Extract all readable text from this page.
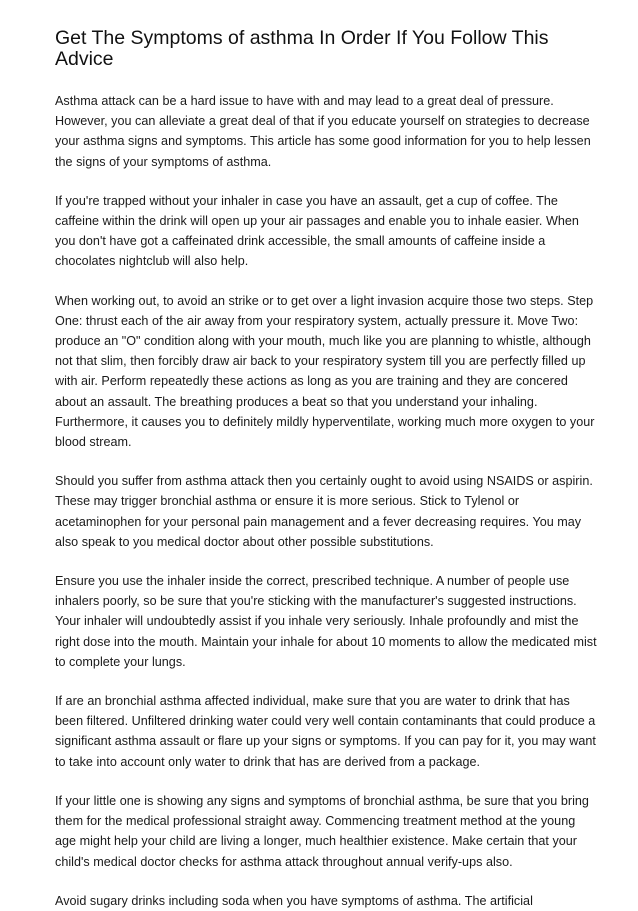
Get The Symptoms of asthma In Order If You Follow This Advice

Asthma attack can be a hard issue to have with and may lead to a great deal of pressure. However, you can alleviate a great deal of that if you educate yourself on strategies to decrease your asthma signs and symptoms. This article has some good information for you to help lessen the signs of your symptoms of asthma.

If you're trapped without your inhaler in case you have an assault, get a cup of coffee. The caffeine within the drink will open up your air passages and enable you to inhale easier. When you don't have got a caffeinated drink accessible, the small amounts of caffeine inside a chocolates nightclub will also help.

When working out, to avoid an strike or to get over a light invasion acquire those two steps. Step One: thrust each of the air away from your respiratory system, actually pressure it. Move Two: produce an "O" condition along with your mouth, much like you are planning to whistle, although not that slim, then forcibly draw air back to your respiratory system till you are perfectly filled up with air. Perform repeatedly these actions as long as you are training and they are concered about an assault. The breathing produces a beat so that you understand your inhaling. Furthermore, it causes you to definitely mildly hyperventilate, working much more oxygen to your blood stream.

Should you suffer from asthma attack then you certainly ought to avoid using NSAIDS or aspirin. These may trigger bronchial asthma or ensure it is more serious. Stick to Tylenol or acetaminophen for your personal pain management and a fever decreasing requires. You may also speak to you medical doctor about other possible substitutions.

Ensure you use the inhaler inside the correct, prescribed technique. A number of people use inhalers poorly, so be sure that you're sticking with the manufacturer's suggested instructions. Your inhaler will undoubtedly assist if you inhale very seriously. Inhale profoundly and mist the right dose into the mouth. Maintain your inhale for about 10 moments to allow the medicated mist to complete your lungs.

If are an bronchial asthma affected individual, make sure that you are water to drink that has been filtered. Unfiltered drinking water could very well contain contaminants that could produce a significant asthma assault or flare up your signs or symptoms. If you can pay for it, you may want to take into account only water to drink that has are derived from a package.

If your little one is showing any signs and symptoms of bronchial asthma, be sure that you bring them for the medical professional straight away. Commencing treatment method at the young age might help your child are living a longer, much healthier existence. Make certain that your child's medical doctor checks for asthma attack throughout annual verify-ups also.

Avoid sugary drinks including soda when you have symptoms of asthma. The artificial
